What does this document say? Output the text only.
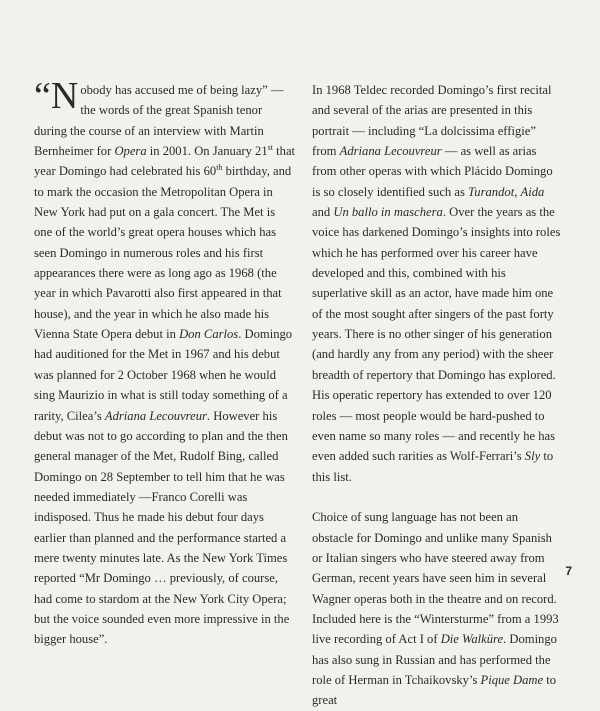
“Nobody has accused me of being lazy” — the words of the great Spanish tenor during the course of an interview with Martin Bernheimer for Opera in 2001. On January 21st that year Domingo had celebrated his 60th birthday, and to mark the occasion the Metropolitan Opera in New York had put on a gala concert. The Met is one of the world’s great opera houses which has seen Domingo in numerous roles and his first appearances there were as long ago as 1968 (the year in which Pavarotti also first appeared in that house), and the year in which he also made his Vienna State Opera debut in Don Carlos. Domingo had auditioned for the Met in 1967 and his debut was planned for 2 October 1968 when he would sing Maurizio in what is still today something of a rarity, Cilea’s Adriana Lecouvreur. However his debut was not to go according to plan and the then general manager of the Met, Rudolf Bing, called Domingo on 28 September to tell him that he was needed immediately —Franco Corelli was indisposed. Thus he made his debut four days earlier than planned and the performance started a mere twenty minutes late. As the New York Times reported “Mr Domingo … previously, of course, had come to stardom at the New York City Opera; but the voice sounded even more impressive in the bigger house”.

In 1968 Teldec recorded Domingo’s first recital and several of the arias are presented in this portrait — including “La dolcissima effigie” from Adriana Lecouvreur — as well as arias from other operas with which Plácido Domingo is so closely identified such as Turandot, Aida and Un ballo in maschera. Over the years as the voice has darkened Domingo’s insights into roles which he has performed over his career have developed and this, combined with his superlative skill as an actor, have made him one of the most sought after singers of the past forty years. There is no other singer of his generation (and hardly any from any period) with the sheer breadth of repertory that Domingo has explored. His operatic repertory has extended to over 120 roles — most people would be hard-pushed to even name so many roles — and recently he has even added such rarities as Wolf-Ferrari’s Sly to this list.

Choice of sung language has not been an obstacle for Domingo and unlike many Spanish or Italian singers who have steered away from German, recent years have seen him in several Wagner operas both in the theatre and on record. Included here is the “Wintersturme” from a 1993 live recording of Act I of Die Walküre. Domingo has also sung in Russian and has performed the role of Herman in Tchaikovsky’s Pique Dame to great

7
